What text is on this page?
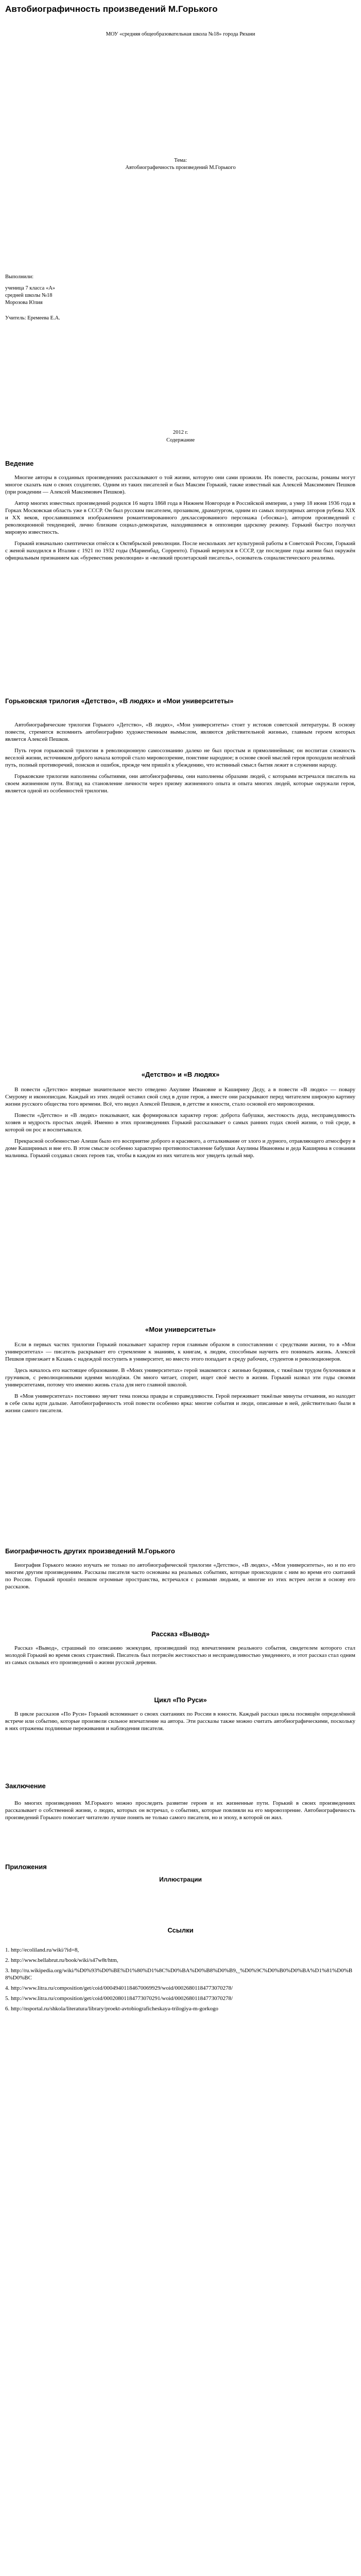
Автобиографичность произведений М.Горького
МОУ «средняя общеобразовательная школа №18» города Рязани
Тема:
Автобиографичность произведений М.Горького
Выполнили:
ученица 7 класса «А»
средней школы №18
Морозова Юлия
Учитель: Еремеева Е.А.
2012 г.
Содержание
Ведение

Многие авторы в созданных произведениях рассказывают о той жизни, которую они сами прожили. Их повести, рассказы, романы могут многое сказать нам о своих создателях. Одним из таких писателей и был Максим Горький, также известный как Алексей Максимович Пешков (при рождении — Алексей Максимович Пешков).

Автор многих известных произведений родился 16 марта 1868 года в Нижнем Новгороде в Российской империи, а умер 18 июня 1936 года в Горках Московская область уже в СССР. Он был русским писателем, прозаиком, драматургом, одним из самых популярных авторов рубежа XIX и XX веков, прославившимся изображением романтизированного деклассированного персонажа («босяка»), автором произведений с революционной тенденцией, лично близким социал-демократам, находившимся в оппозиции царскому режиму. Горький быстро получил мировую известность.

Горький изначально скептически отнёсся к Октябрьской революции. После нескольких лет культурной работы в Советской России, Горький с женой находился в Италии с 1921 по 1932 годы (Мариенбад, Сорренто). Горький вернулся в СССР, где последние годы жизни был окружён официальным признанием как «буревестник революции» и «великий пролетарский писатель», основатель социалистического реализма.

Горьковская трилогия «Детство», «В людях» и «Мои университеты»

Автобиографические трилогия Горького «Детство», «В людях», «Мои университеты» стоит у истоков советской литературы. В основу повести, стремятся вспомнить автобиографию художественным вымыслом, являются действительной жизнью, главным героем которых является Алексей Пешков.

Путь героя горьковской трилогии в революционную самосознанию далеко не был простым и прямолинейным; он воспитан сложность веселой жизни, источником доброго начала которой стало мировоззрение, поистине народное; в основе своей мыслей героя проходили нелёгкий путь, полный противоречий, поисков и ошибок, прежде чем пришёл к убеждению, что истинный смысл бытия лежит в служении народу.

Горьковские трилогии наполнены событиями, они автобиографичны, они наполнены образами людей, с которыми встречался писатель на своем жизненном пути. Взгляд на становление личности через призму жизненного опыта и опыта многих людей, которые окружали героя, является одной из особенностей трилогии.

«Детство» и «В людях»

В повести «Детство» впервые значительное место отведено Акулине Ивановне и Каширину Деду, а в повести «В людях» — повару Смурому и иконописцам. Каждый из этих людей оставил свой след в душе героя, а вместе они раскрывают перед читателем широкую картину жизни русского общества того времени. Всё, что видел Алексей Пешков, в детстве и юности, стало основой его мировоззрения.

Повести «Детство» и «В людях» показывают, как формировался характер героя: доброта бабушки, жестокость деда, несправедливость хозяев и мудрость простых людей. Именно в этих произведениях Горький рассказывает о самых ранних годах своей жизни, о той среде, в которой он рос и воспитывался.

Прекрасной особенностью Алеши было его восприятие доброго и красивого, а отталкивание от злого и дурного, отравляющего атмосферу в доме Кашириных и вне его. В этом смысле особенно характерно противопоставление бабушки Акулины Ивановны и деда Каширина в сознании мальчика. Горький создавал своих героев так, чтобы в каждом из них читатель мог увидеть целый мир.

«Мои университеты»

Если в первых частях трилогии Горький показывает характер героя главным образом в сопоставлении с средствами жизни, то в «Мои университетах» — писатель раскрывает его стремление к знаниям, к книгам, к людям, способным научить его понимать жизнь. Алексей Пешков приезжает в Казань с надеждой поступить в университет, но вместо этого попадает в среду рабочих, студентов и революционеров.

Здесь началось его настоящее образование. В «Моих университетах» герой знакомится с жизнью бедняков, с тяжёлым трудом булочников и грузчиков, с революционными идеями молодёжи. Он много читает, спорит, ищет своё место в жизни. Горький назвал эти годы своими университетами, потому что именно жизнь стала для него главной школой.

В «Мои университетах» постоянно звучит тема поиска правды и справедливости. Герой переживает тяжёлые минуты отчаяния, но находит в себе силы идти дальше. Автобиографичность этой повести особенно ярка: многие события и люди, описанные в ней, действительно были в жизни самого писателя.

Биографичность других произведений М.Горького

Биография Горького можно изучать не только по автобиографической трилогии «Детство», «В людях», «Мои университеты», но и по его многим другим произведениям. Рассказы писателя часто основаны на реальных событиях, которые происходили с ним во время его скитаний по России. Горький прошёл пешком огромные пространства, встречался с разными людьми, и многие из этих встреч легли в основу его рассказов.

Рассказ «Вывод»

Рассказ «Вывод», страшный по описанию экзекуции, произведший под впечатлением реального события, свидетелем которого стал молодой Горький во время своих странствий. Писатель был потрясён жестокостью и несправедливостью увиденного, и этот рассказ стал одним из самых сильных его произведений о жизни русской деревни.

Цикл «По Руси»

В цикле рассказов «По Руси» Горький вспоминает о своих скитаниях по России в юности. Каждый рассказ цикла посвящён определённой встрече или событию, которые произвели сильное впечатление на автора. Эти рассказы также можно считать автобиографическими, поскольку в них отражены подлинные переживания и наблюдения писателя.

Заключение

Во многих произведениях М.Горького можно проследить развитие героев и их жизненные пути. Горький в своих произведениях рассказывает о собственной жизни, о людях, которых он встречал, о событиях, которые повлияли на его мировоззрение. Автобиографичность произведений Горького помогает читателю лучше понять не только самого писателя, но и эпоху, в которой он жил.

Приложения
Иллюстрации
Ссылки
1. http://ecoliland.ru/wiki/?id=8,
2. http://www.bellabrut.ru/book/wiki/s47w8t/htm,
3. http://ru.wikipedia.org/wiki/%D0%93%D0%BE%D1%80%D1%8C%D0%BA%D0%B8%D0%B9,_%D0%9C%D0%B0%D0%BA%D1%81%D0%B8%D0%BC
4. http://www.litra.ru/composition/get/coid/00049401184670069929/woid/00026801184773070278/
5. http://www.litra.ru/composition/get/coid/00020801184773070291/woid/00026801184773070278/
6. http://nsportal.ru/shkola/literatura/library/proekt-avtobiograficheskaya-trilogiya-m-gorkogo
